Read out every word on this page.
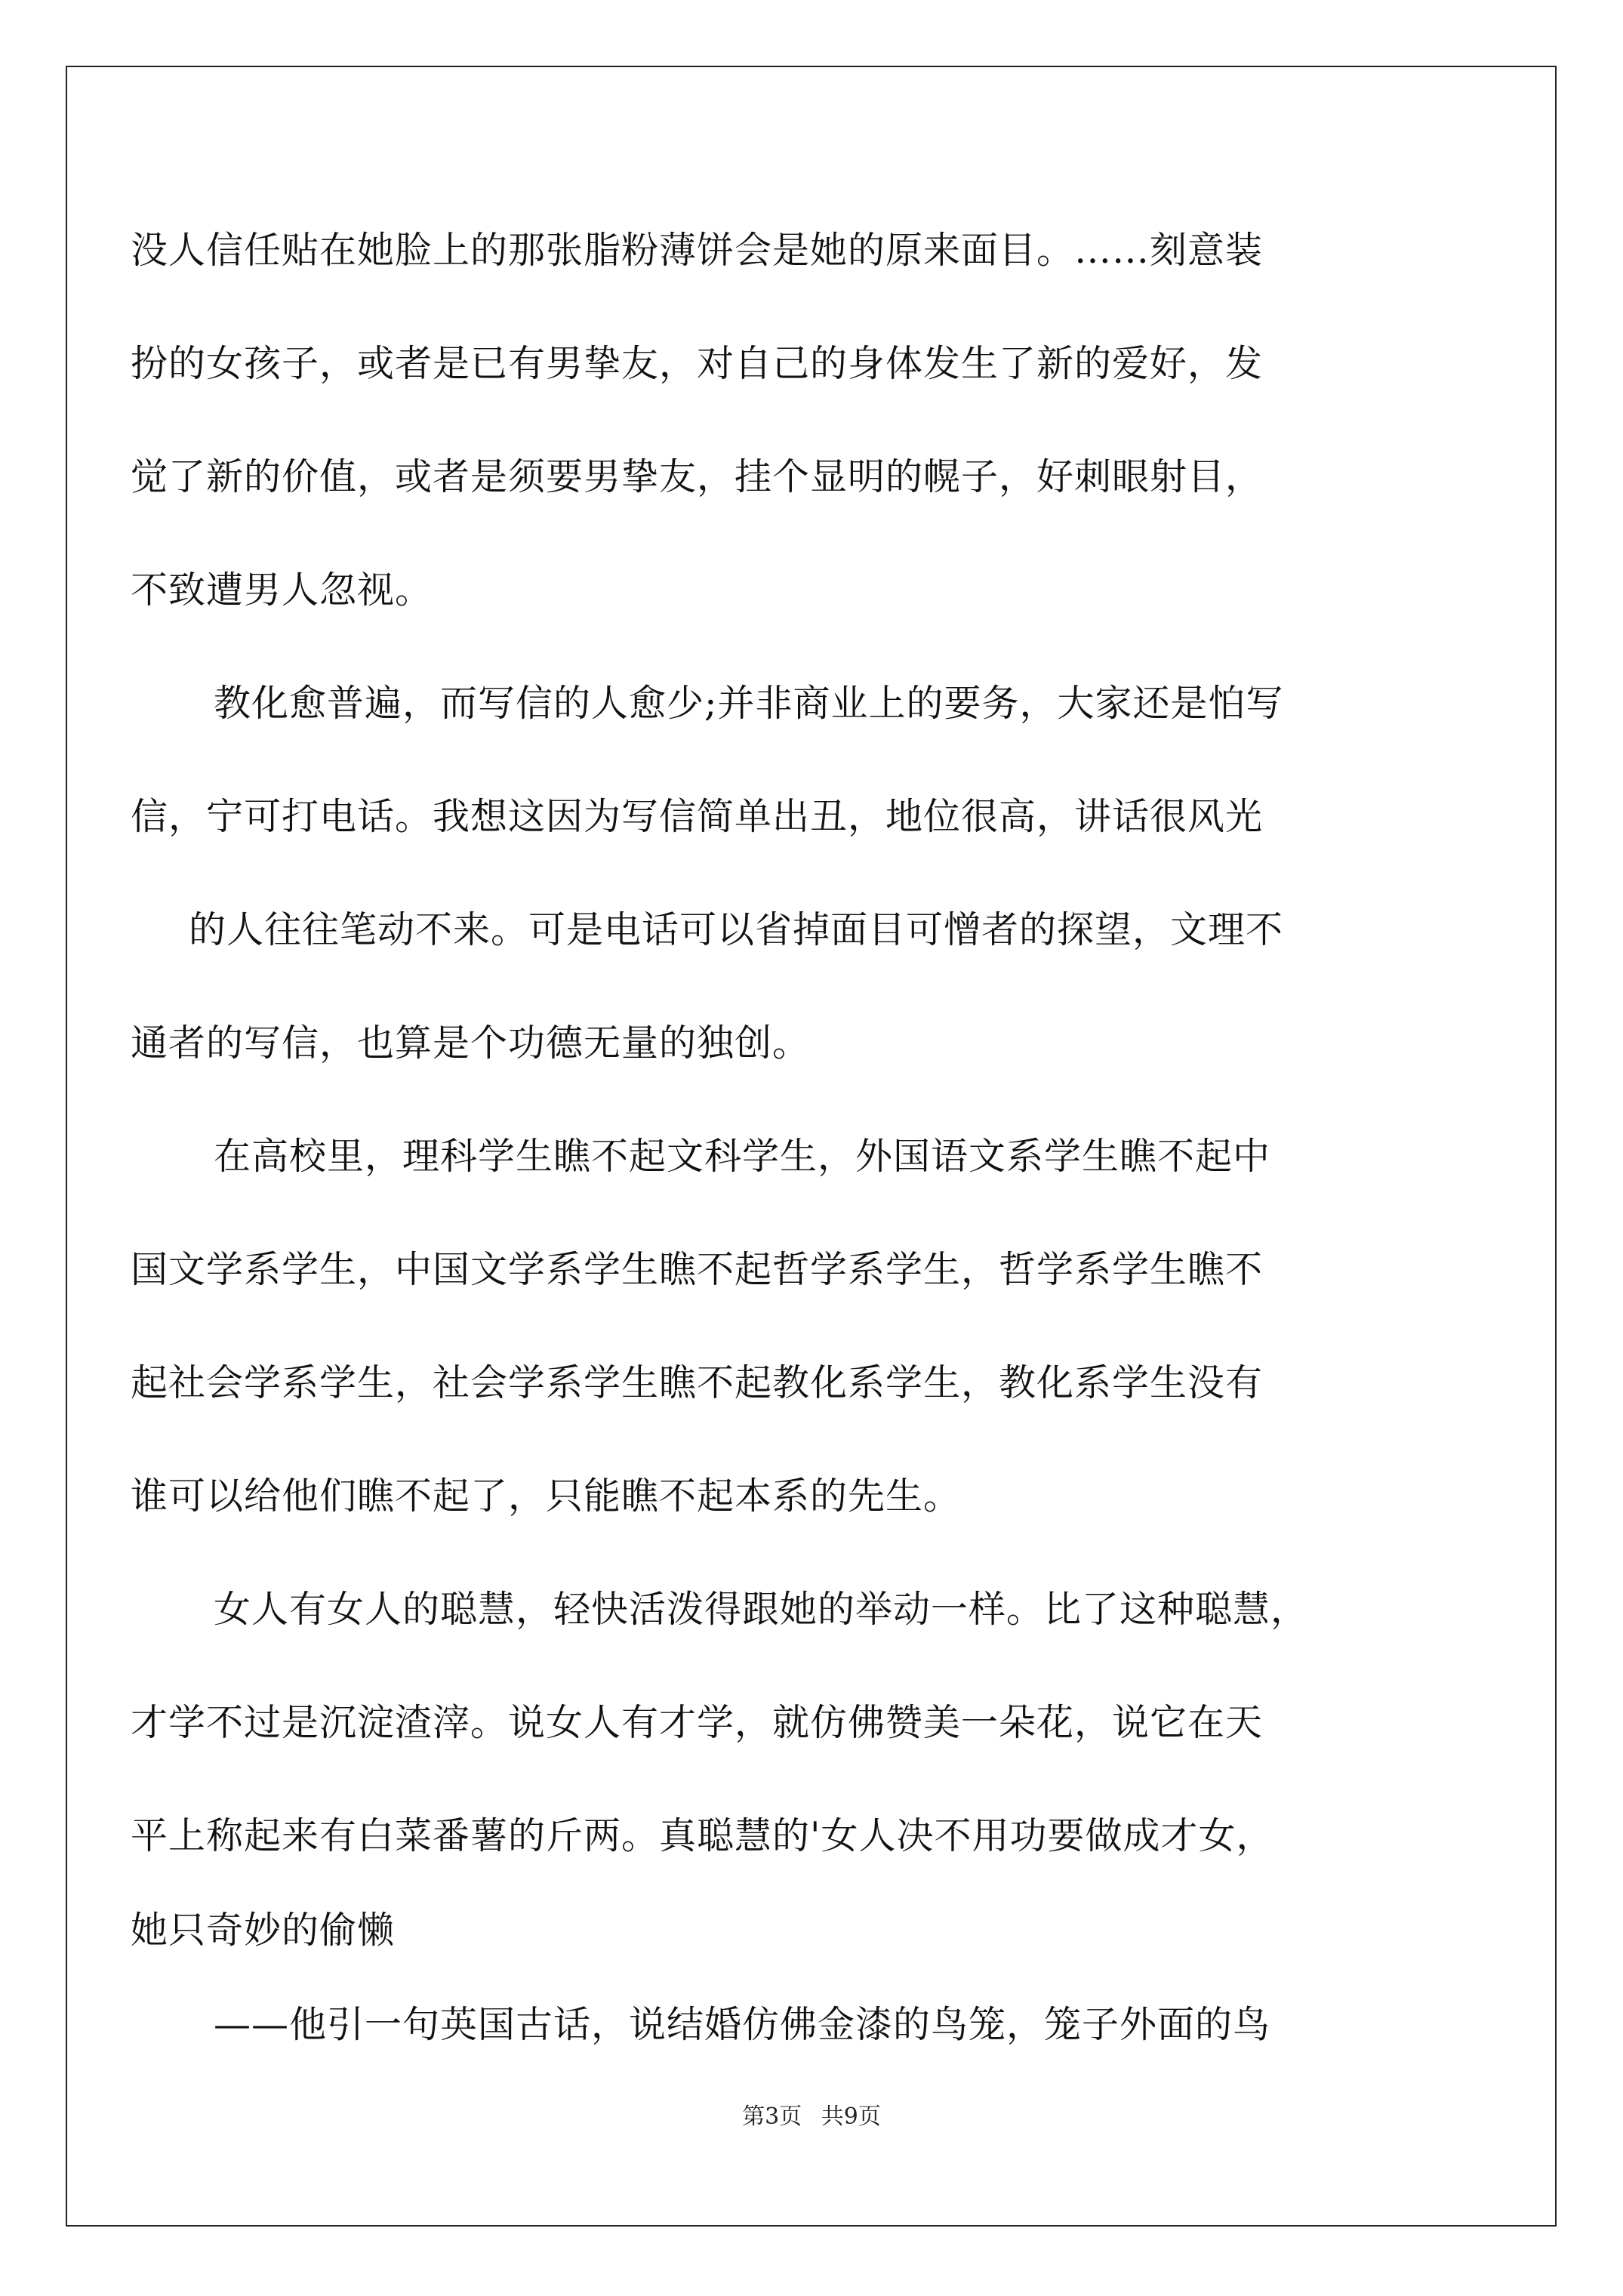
没人信任贴在她脸上的那张脂粉薄饼会是她的原来面目。……刻意装
扮的女孩子，或者是已有男挚友，对自己的身体发生了新的爱好，发
觉了新的价值，或者是须要男挚友，挂个显明的幌子，好刺眼射目，
不致遭男人忽视。
教化愈普遍，而写信的人愈少;并非商业上的要务，大家还是怕写
信，宁可打电话。我想这因为写信简单出丑，地位很高，讲话很风光
的人往往笔动不来。可是电话可以省掉面目可憎者的探望，文理不
通者的写信，也算是个功德无量的独创。
在高校里，理科学生瞧不起文科学生，外国语文系学生瞧不起中
国文学系学生，中国文学系学生瞧不起哲学系学生，哲学系学生瞧不
起社会学系学生，社会学系学生瞧不起教化系学生，教化系学生没有
谁可以给他们瞧不起了，只能瞧不起本系的先生。
女人有女人的聪慧，轻快活泼得跟她的举动一样。比了这种聪慧，
才学不过是沉淀渣滓。说女人有才学，就仿佛赞美一朵花，说它在天
平上称起来有白菜番薯的斤两。真聪慧的'女人决不用功要做成才女，
她只奇妙的偷懒
——他引一句英国古话，说结婚仿佛金漆的鸟笼，笼子外面的鸟
第3页 共9页
